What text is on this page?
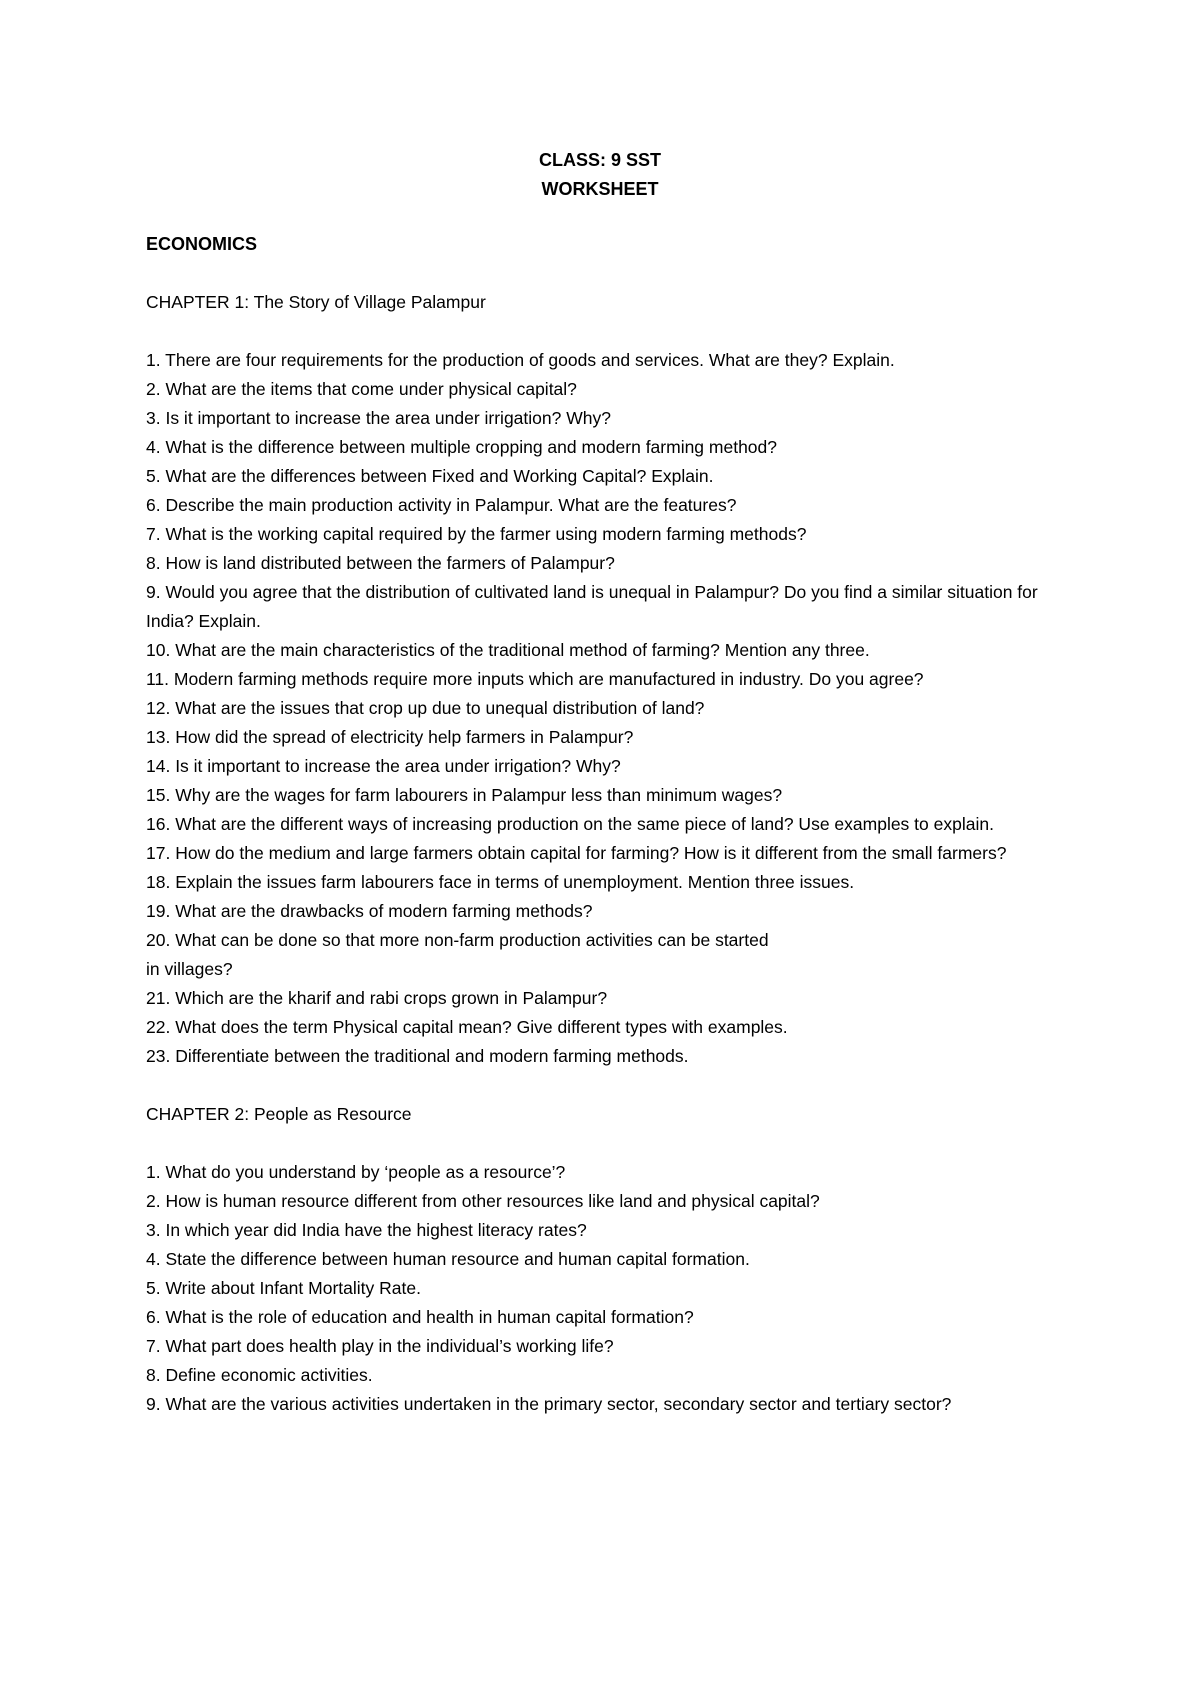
CLASS: 9 SST
WORKSHEET
ECONOMICS
CHAPTER 1: The Story of Village Palampur
1. There are four requirements for the production of goods and services. What are they? Explain.
2. What are the items that come under physical capital?
3. Is it important to increase the area under irrigation? Why?
4. What is the difference between multiple cropping and modern farming method?
5. What are the differences between Fixed and Working Capital? Explain.
6. Describe the main production activity in Palampur. What are the features?
7. What is the working capital required by the farmer using modern farming methods?
8. How is land distributed between the farmers of Palampur?
9. Would you agree that the distribution of cultivated land is unequal in Palampur? Do you find a similar situation for India? Explain.
10. What are the main characteristics of the traditional method of farming? Mention any three.
11. Modern farming methods require more inputs which are manufactured in industry. Do you agree?
12. What are the issues that crop up due to unequal distribution of land?
13. How did the spread of electricity help farmers in Palampur?
14. Is it important to increase the area under irrigation? Why?
15. Why are the wages for farm labourers in Palampur less than minimum wages?
16. What are the different ways of increasing production on the same piece of land? Use examples to explain.
17. How do the medium and large farmers obtain capital for farming? How is it different from the small farmers?
18. Explain the issues farm labourers face in terms of unemployment. Mention three issues.
19. What are the drawbacks of modern farming methods?
20. What can be done so that more non-farm production activities can be started
in villages?
21. Which are the kharif and rabi crops grown in Palampur?
22. What does the term Physical capital mean? Give different types with examples.
23. Differentiate between the traditional and modern farming methods.
CHAPTER 2: People as Resource
1. What do you understand by ‘people as a resource’?
2. How is human resource different from other resources like land and physical capital?
3. In which year did India have the highest literacy rates?
4. State the difference between human resource and human capital formation.
5. Write about Infant Mortality Rate.
6. What is the role of education and health in human capital formation?
7. What part does health play in the individual’s working life?
8. Define economic activities.
9. What are the various activities undertaken in the primary sector, secondary sector and tertiary sector?
